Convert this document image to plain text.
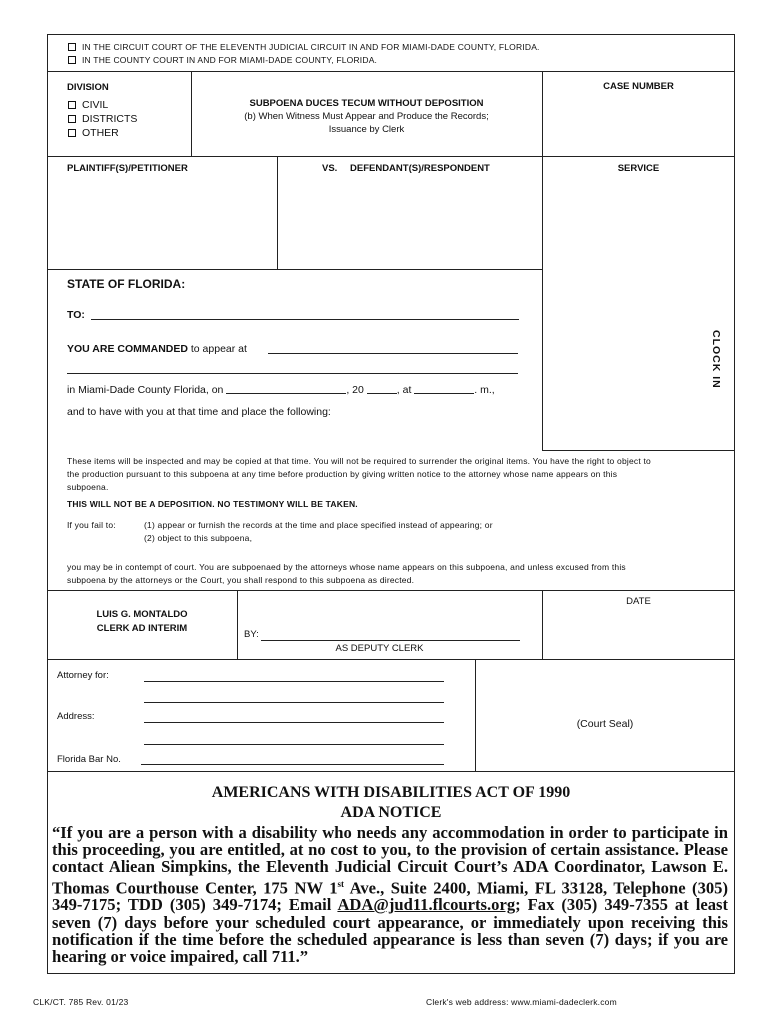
IN THE CIRCUIT COURT OF THE ELEVENTH JUDICIAL CIRCUIT IN AND FOR MIAMI-DADE COUNTY, FLORIDA.
IN THE COUNTY COURT IN AND FOR MIAMI-DADE COUNTY, FLORIDA.
DIVISION
CIVIL
DISTRICTS
OTHER
SUBPOENA DUCES TECUM WITHOUT DEPOSITION
(b) When Witness Must Appear and Produce the Records;
Issuance by Clerk
CASE NUMBER
PLAINTIFF(S)/PETITIONER	VS. DEFENDANT(S)/RESPONDENT	SERVICE
STATE OF FLORIDA:
TO:
YOU ARE COMMANDED to appear at
in Miami-Dade County Florida, on	, 20	, at	. m.,
and to have with you at that time and place the following:
CLOCK IN
These items will be inspected and may be copied at that time. You will not be required to surrender the original items. You have the right to object to
the production pursuant to this subpoena at any time before production by giving written notice to the attorney whose name appears on this
subpoena.
THIS WILL NOT BE A DEPOSITION. NO TESTIMONY WILL BE TAKEN.
If you fail to:	(1) appear or furnish the records at the time and place specified instead of appearing; or
(2) object to this subpoena,
you may be in contempt of court. You are subpoenaed by the attorneys whose name appears on this subpoena, and unless excused from this
subpoena by the attorneys or the Court, you shall respond to this subpoena as directed.
LUIS G. MONTALDO
CLERK AD INTERIM
BY:
AS DEPUTY CLERK
DATE
Attorney for:
Address:
Florida Bar No.
(Court Seal)
AMERICANS WITH DISABILITIES ACT OF 1990
ADA NOTICE

“If you are a person with a disability who needs any accommodation in order to participate in this proceeding, you are entitled, at no cost to you, to the provision of certain assistance. Please contact Aliean Simpkins, the Eleventh Judicial Circuit Court’s ADA Coordinator, Lawson E. Thomas Courthouse Center, 175 NW 1st Ave., Suite 2400, Miami, FL 33128, Telephone (305) 349-7175; TDD (305) 349-7174; Email ADA@jud11.flcourts.org; Fax (305) 349-7355 at least seven (7) days before your scheduled court appearance, or immediately upon receiving this notification if the time before the scheduled appearance is less than seven (7) days; if you are hearing or voice impaired, call 711.”

CLK/CT. 785 Rev. 01/23	Clerk's web address: www.miami-dadeclerk.com
